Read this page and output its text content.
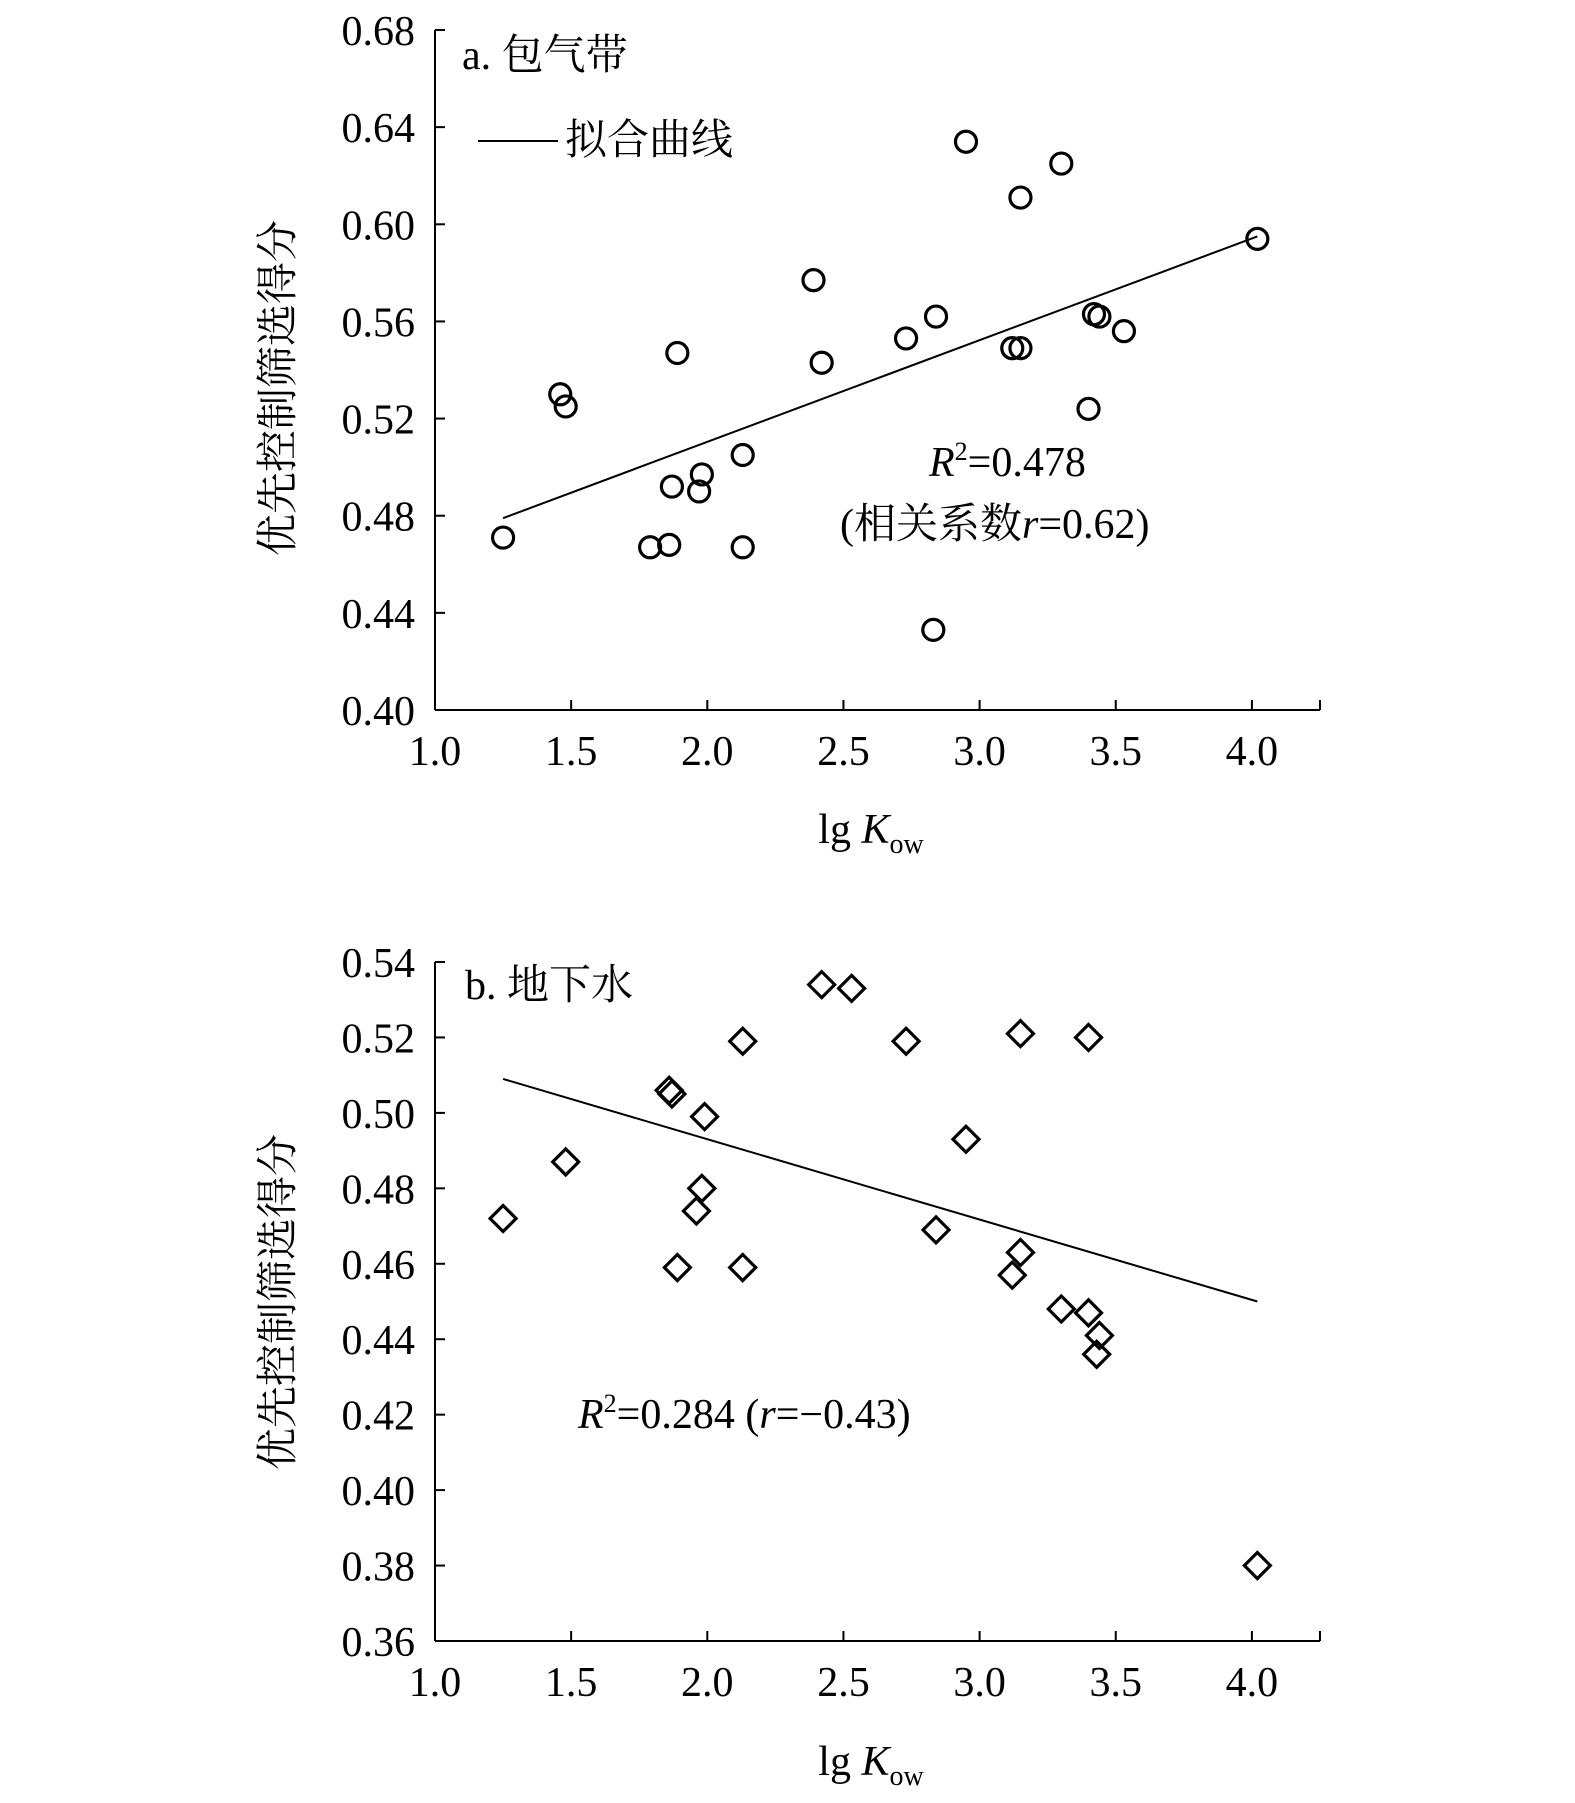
0.40
0.44
0.48
0.52
0.56
0.60
0.64
0.68
1.0 1.5 2.0 2.5 3.0 3.5 4.0
a. 包气带
拟合曲线
$R^2=0.478$
(相关系数r=0.62)
优先控制筛选得分
$\lg K_{ow}$
0.36
0.38
0.40
0.42
0.44
0.46
0.48
0.50
0.52
0.54
1.0 1.5 2.0 2.5 3.0 3.5 4.0
b. 地下水
$R^2=0.284$ (r=−0.43)
优先控制筛选得分
$\lg K_{ow}$
